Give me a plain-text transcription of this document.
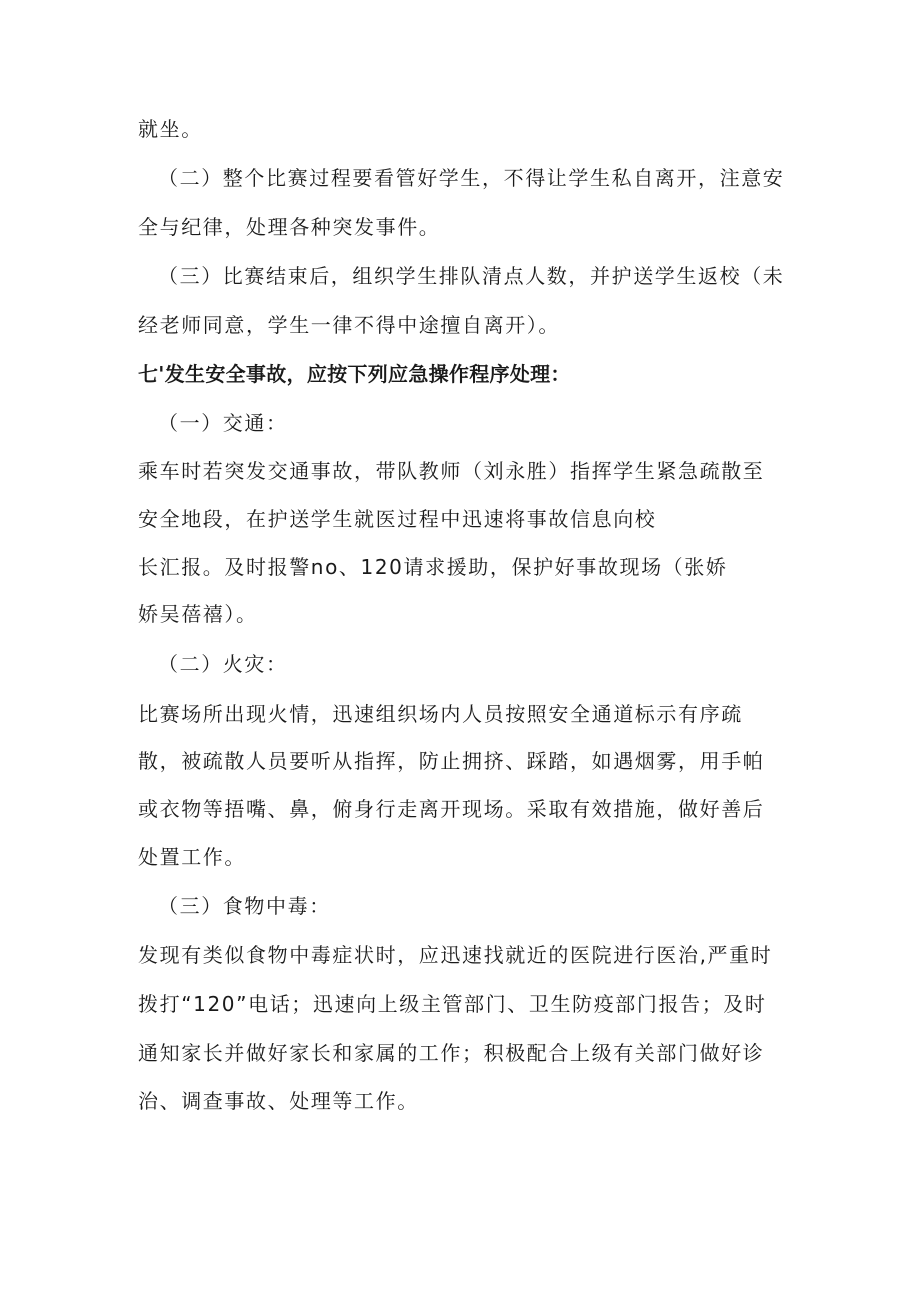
就坐。
（二）整个比赛过程要看管好学生，不得让学生私自离开，注意安
全与纪律，处理各种突发事件。
（三）比赛结束后，组织学生排队清点人数，并护送学生返校（未
经老师同意，学生一律不得中途擅自离开）。
七'发生安全事故，应按下列应急操作程序处理：
（一）交通：
乘车时若突发交通事故，带队教师（刘永胜）指挥学生紧急疏散至
安全地段，在护送学生就医过程中迅速将事故信息向校
长汇报。及时报警no、120请求援助，保护好事故现场（张娇
娇吴蓓禧）。
（二）火灾：
比赛场所出现火情，迅速组织场内人员按照安全通道标示有序疏
散，被疏散人员要听从指挥，防止拥挤、踩踏，如遇烟雾，用手帕
或衣物等捂嘴、鼻，俯身行走离开现场。采取有效措施，做好善后
处置工作。
（三）食物中毒：
发现有类似食物中毒症状时，应迅速找就近的医院进行医治,严重时
拨打“120”电话；迅速向上级主管部门、卫生防疫部门报告；及时
通知家长并做好家长和家属的工作；积极配合上级有关部门做好诊
治、调查事故、处理等工作。
